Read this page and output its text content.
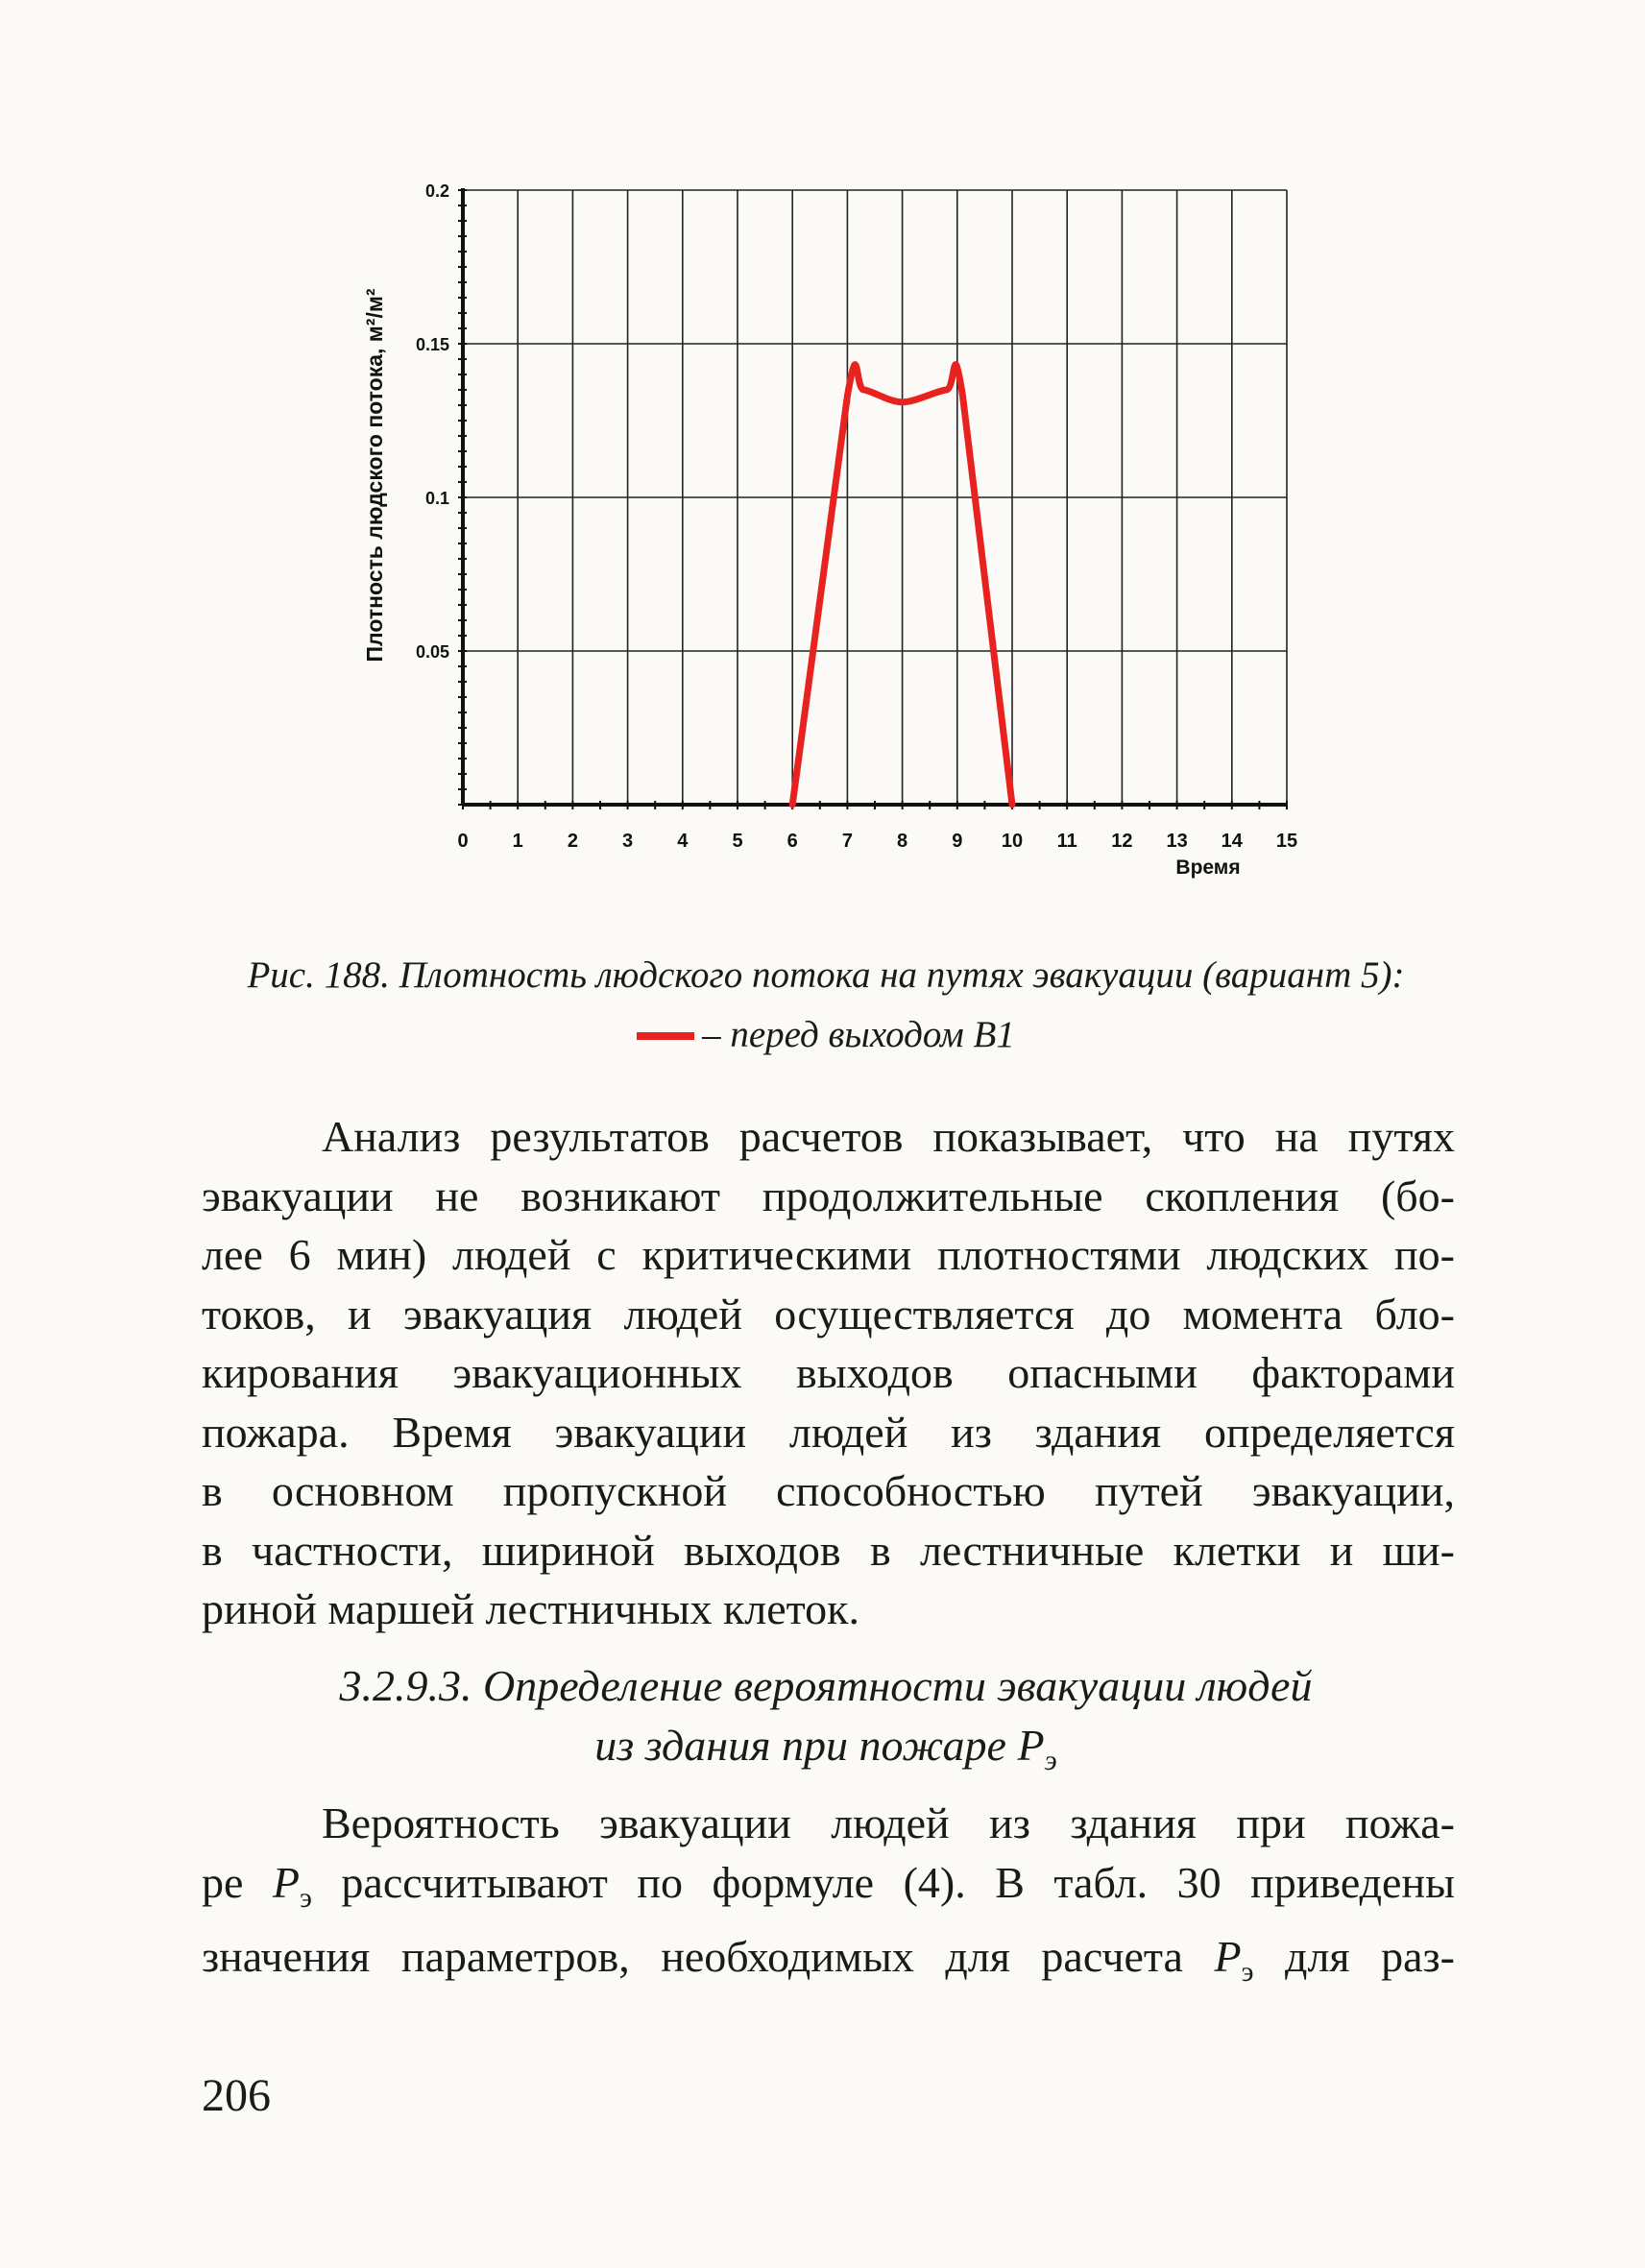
0 1 2 3 4 5 6 7 8 9 10 11 12 13 14 15
0.2
0.15
0.1
0.05
Плотность людского потока, м²/м²
Время
Рис. 188. Плотность людского потока на путях эвакуации (вариант 5):
– перед выходом В1
Анализ результатов расчетов показывает, что на путях
эвакуации не возникают продолжительные скопления (бо-
лее 6 мин) людей с критическими плотностями людских по-
токов, и эвакуация людей осуществляется до момента бло-
кирования эвакуационных выходов опасными факторами
пожара. Время эвакуации людей из здания определяется
в основном пропускной способностью путей эвакуации,
в частности, шириной выходов в лестничные клетки и ши-
риной маршей лестничных клеток.
3.2.9.3. Определение вероятности эвакуации людей
из здания при пожаре $P_э$
Вероятность эвакуации людей из здания при пожа-
ре $P_э$ рассчитывают по формуле (4). В табл. 30 приведены
значения параметров, необходимых для расчета $P_э$ для раз-
206
